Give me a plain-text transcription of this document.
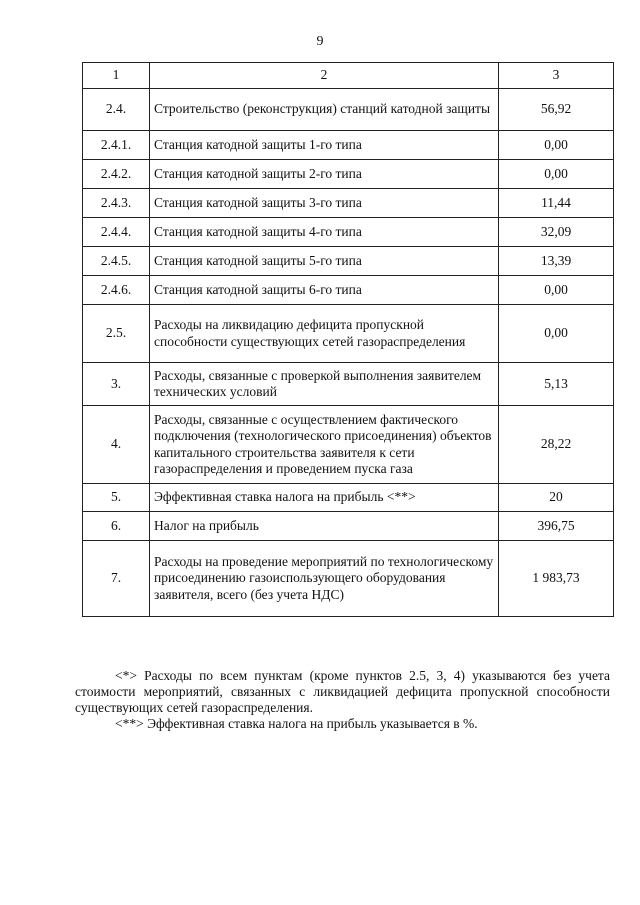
9
1	2	3
2.4.	Строительство (реконструкция) станций катодной защиты	56,92
2.4.1.	Станция катодной защиты 1-го типа	0,00
2.4.2.	Станция катодной защиты 2-го типа	0,00
2.4.3.	Станция катодной защиты 3-го типа	11,44
2.4.4.	Станция катодной защиты 4-го типа	32,09
2.4.5.	Станция катодной защиты 5-го типа	13,39
2.4.6.	Станция катодной защиты 6-го типа	0,00
2.5.	Расходы на ликвидацию дефицита пропускной способности существующих сетей газораспределения	0,00
3.	Расходы, связанные с проверкой выполнения заявителем технических условий	5,13
4.	Расходы, связанные с осуществлением фактического подключения (технологического присоединения) объектов капитального строительства заявителя к сети газораспределения и проведением пуска газа	28,22
5.	Эффективная ставка налога на прибыль <**>	20
6.	Налог на прибыль	396,75
7.	Расходы на проведение мероприятий по технологическому присоединению газоиспользующего оборудования заявителя, всего (без учета НДС)	1 983,73

<*> Расходы по всем пунктам (кроме пунктов 2.5, 3, 4) указываются без учета стоимости мероприятий, связанных с ликвидацией дефицита пропускной способности существующих сетей газораспределения.

<**> Эффективная ставка налога на прибыль указывается в %.
